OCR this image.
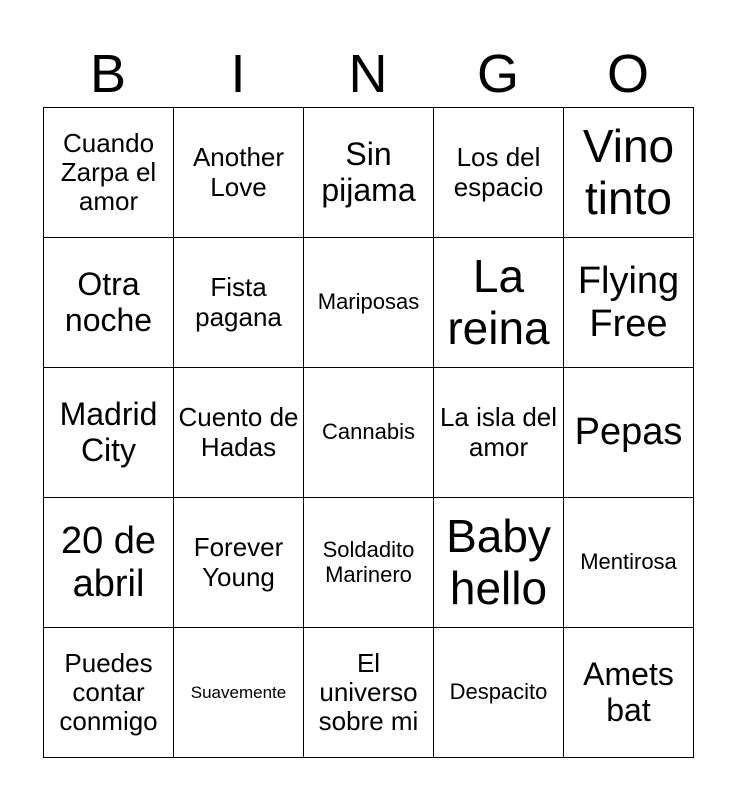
B	I	N	G	O
Cuando Zarpa el amor	Another Love	Sin pijama	Los del espacio	Vino tinto
Otra noche	Fista pagana	Mariposas	La reina	Flying Free
Madrid City	Cuento de Hadas	Cannabis	La isla del amor	Pepas
20 de abril	Forever Young	Soldadito Marinero	Baby hello	Mentirosa
Puedes contar conmigo	Suavemente	El universo sobre mi	Despacito	Amets bat
